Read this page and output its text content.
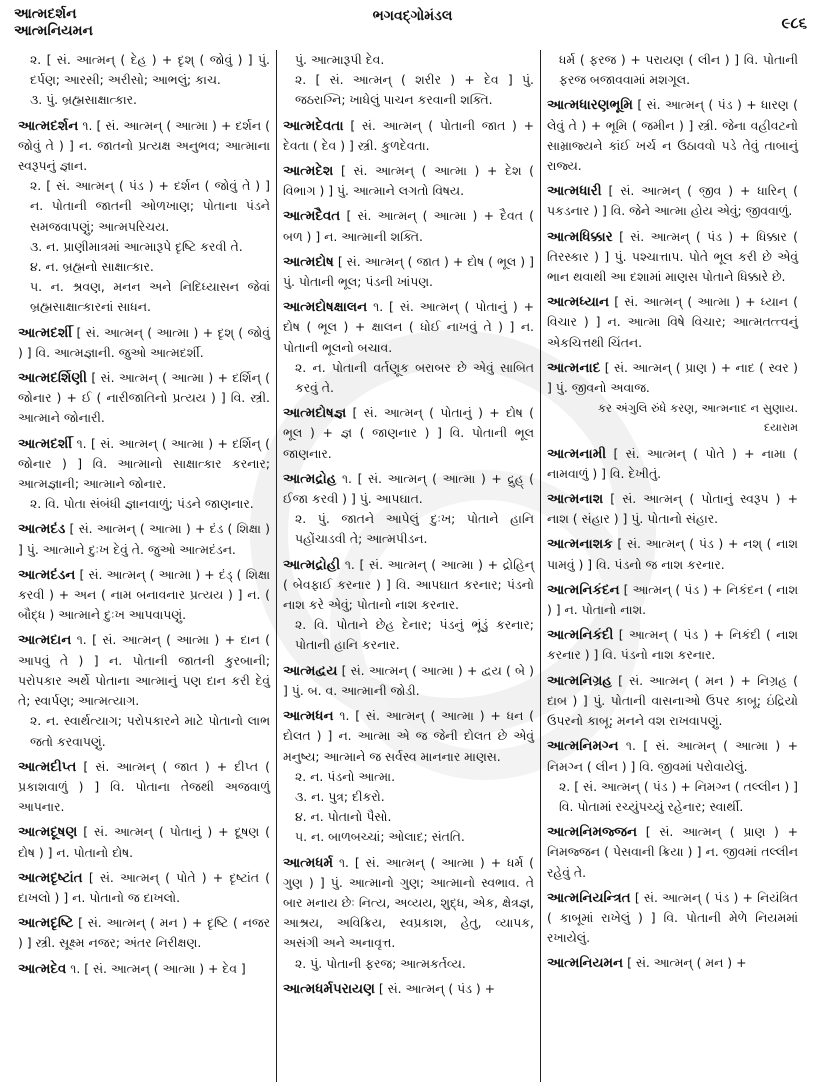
આત્મદર્શન
આત્મનિયમન
ભગવદ્ગોમંડલ	૯૮૬
૨. [ સં. આત્મન્ ( દેહ ) + દૃશ્ ( જોવું ) ] પું. દર્પણ; આરસી; અરીસો; આભલું; કાચ.
૩. પું. બ્રહ્મસાક્ષાત્કાર.
આત્મદર્શન ૧. [ સં. આત્મન્ ( આત્મા ) + દર્શન ( જોવું તે ) ] ન. જાતનો પ્રત્યક્ષ અનુભવ; આત્માના સ્વરૂપનું જ્ઞાન.
૨. [ સં. આત્મન્ ( પંડ ) + દર્શન ( જોવું તે ) ] ન. પોતાની જાતની ઓળખાણ; પોતાના પંડને સમજવાપણું; આત્મપરિચય.
૩. ન. પ્રાણીમાત્રમાં આત્મારૂપે દૃષ્ટિ કરવી તે.
૪. ન. બ્રહ્મનો સાક્ષાત્કાર.
૫. ન. શ્રવણ, મનન અને નિદિધ્યાસન જેવાં બ્રહ્મસાક્ષાત્કારનાં સાધન.
આત્મદર્શી [ સં. આત્મન્ ( આત્મા ) + દૃશ્ ( જોવું ) ] વિ. આત્મજ્ઞાની. જુઓ આત્મદર્શી.
આત્મદર્શિણી [ સં. આત્મન્ ( આત્મા ) + દર્શિન્ ( જોનાર ) + ઈ ( નારીજાતિનો પ્રત્યય ) ] વિ. સ્ત્રી. આત્માને જોનારી.
આત્મદર્શી ૧. [ સં. આત્મન્ ( આત્મા ) + દર્શિન્ ( જોનાર ) ] વિ. આત્માનો સાક્ષાત્કાર કરનાર; આત્મજ્ઞાની; આત્માને જોનાર.
૨. વિ. પોતા સંબંધી જ્ઞાનવાળું; પંડને જાણનાર.
આત્મદંડ [ સં. આત્મન્ ( આત્મા ) + દંડ ( શિક્ષા ) ] પું. આત્માને દુઃખ દેવું તે. જુઓ આત્મદંડન.
આત્મદંડન [ સં. આત્મન્ ( આત્મા ) + દંડ્ ( શિક્ષા કરવી ) + અન ( નામ બનાવનાર પ્રત્યય ) ] ન. ( બૌદ્ધ ) આત્માને દુઃખ આપવાપણું.
આત્મદાન ૧. [ સં. આત્મન્ ( આત્મા ) + દાન ( આપવું તે ) ] ન. પોતાની જાતની કુરબાની; પરોપકાર અર્થે પોતાના આત્માનું પણ દાન કરી દેવું તે; સ્વાર્પણ; આત્મત્યાગ.
૨. ન. સ્વાર્થત્યાગ; પરોપકારને માટે પોતાનો લાભ જતો કરવાપણું.
આત્મદીપ્ત [ સં. આત્મન્ ( જાત ) + દીપ્ત ( પ્રકાશવાળું ) ] વિ. પોતાના તેજથી અજવાળું આપનાર.
આત્મદૂષણ [ સં. આત્મન્ ( પોતાનું ) + દૂષણ ( દોષ ) ] ન. પોતાનો દોષ.
આત્મદૃષ્ટાંત [ સં. આત્મન્ ( પોતે ) + દૃષ્ટાંત ( દાખલો ) ] ન. પોતાનો જ દાખલો.
આત્મદૃષ્ટિ [ સં. આત્મન્ ( મન ) + દૃષ્ટિ ( નજર ) ] સ્ત્રી. સૂક્ષ્મ નજર; અંતર નિરીક્ષણ.
આત્મદેવ ૧. [ સં. આત્મન્ ( આત્મા ) + દેવ ]
પું. આત્મારૂપી દેવ.
૨. [ સં. આત્મન્ ( શરીર ) + દેવ ] પું. જઠરાગ્નિ; ખાધેલું પાચન કરવાની શક્તિ.
આત્મદેવતા [ સં. આત્મન્ ( પોતાની જાત ) + દેવતા ( દેવ ) ] સ્ત્રી. કુળદેવતા.
આત્મદેશ [ સં. આત્મન્ ( આત્મા ) + દેશ ( વિભાગ ) ] પું. આત્માને લગતો વિષય.
આત્મદૈવત [ સં. આત્મન્ ( આત્મા ) + દૈવત ( બળ ) ] ન. આત્માની શક્તિ.
આત્મદોષ [ સં. આત્મન્ ( જાત ) + દોષ ( ભૂલ ) ] પું. પોતાની ભૂલ; પંડની ખાંપણ.
આત્મદોષક્ષાલન ૧. [ સં. આત્મન્ ( પોતાનું ) + દોષ ( ભૂલ ) + ક્ષાલન ( ધોઈ નાખવું તે ) ] ન. પોતાની ભૂલનો બચાવ.
૨. ન. પોતાની વર્તણૂક બરાબર છે એવું સાબિત કરવું તે.
આત્મદોષજ્ઞ [ સં. આત્મન્ ( પોતાનું ) + દોષ ( ભૂલ ) + જ્ઞ ( જાણનાર ) ] વિ. પોતાની ભૂલ જાણનાર.
આત્મદ્રોહ ૧. [ સં. આત્મન્ ( આત્મા ) + દ્રુહ્ ( ઈજા કરવી ) ] પું. આપઘાત.
૨. પું. જાતને આપેલું દુઃખ; પોતાને હાનિ પહોંચાડવી તે; આત્મપીડન.
આત્મદ્રોહી ૧. [ સં. આત્મન્ ( આત્મા ) + દ્રોહિન્ ( બેવફાઈ કરનાર ) ] વિ. આપઘાત કરનાર; પંડનો નાશ કરે એવું; પોતાનો નાશ કરનાર.
૨. વિ. પોતાને છેહ દેનાર; પંડનું ભૂંડું કરનાર; પોતાની હાનિ કરનાર.
આત્મદ્વય [ સં. આત્મન્ ( આત્મા ) + દ્વય ( બે ) ] પું. બ. વ. આત્માની જોડી.
આત્મધન ૧. [ સં. આત્મન્ ( આત્મા ) + ધન ( દોલત ) ] ન. આત્મા એ જ જેની દોલત છે એવું મનુષ્ય; આત્માને જ સર્વસ્વ માનનાર માણસ.
૨. ન. પંડનો આત્મા.
૩. ન. પુત્ર; દીકરો.
૪. ન. પોતાનો પૈસો.
૫. ન. બાળબચ્ચાં; ઓલાદ; સંતતિ.
આત્મધર્મ ૧. [ સં. આત્મન્ ( આત્મા ) + ધર્મ ( ગુણ ) ] પું. આત્માનો ગુણ; આત્માનો સ્વભાવ. તે બાર મનાય છેઃ નિત્ય, અવ્યય, શુદ્ધ, એક, ક્ષેત્રજ્ઞ, આશ્રય, અવિક્રિય, સ્વપ્રકાશ, હેતુ, વ્યાપક, અસંગી અને અનાવૃત્ત.
૨. પું. પોતાની ફરજ; આત્મકર્તવ્ય.
આત્મધર્મપરાયણ [ સં. આત્મન્ ( પંડ ) +
ધર્મ ( ફરજ ) + પરાયણ ( લીન ) ] વિ. પોતાની ફરજ બજાવવામાં મશગૂલ.
આત્મધારણભૂમિ [ સં. આત્મન્ ( પંડ ) + ધારણ ( લેવું તે ) + ભૂમિ ( જમીન ) ] સ્ત્રી. જેના વહીવટનો સામ્રાજ્યને કાંઈ ખર્ચ ન ઉઠાવવો પડે તેવું તાબાનું રાજ્ય.
આત્મધારી [ સં. આત્મન્ ( જીવ ) + ધારિન્ ( પકડનાર ) ] વિ. જેને આત્મા હોય એવું; જીવવાળું.
આત્મધિક્કાર [ સં. આત્મન્ ( પંડ ) + ધિક્કાર ( તિરસ્કાર ) ] પું. પશ્ચાત્તાપ. પોતે ભૂલ કરી છે એવું ભાન થવાથી આ દશામાં માણસ પોતાને ધિક્કારે છે.
આત્મધ્યાન [ સં. આત્મન્ ( આત્મા ) + ધ્યાન ( વિચાર ) ] ન. આત્મા વિષે વિચાર; આત્મતત્ત્વનું એકચિત્તથી ચિંતન.
આત્મનાદ [ સં. આત્મન્ ( પ્રાણ ) + નાદ ( સ્વર ) ] પું. જીવનો અવાજ.
કર અંગુલિ રુંધે કરણ, આત્મનાદ ન સુણાય.
દયારામ
આત્મનામી [ સં. આત્મન્ ( પોતે ) + નામા ( નામવાળું ) ] વિ. દેખીતું.
આત્મનાશ [ સં. આત્મન્ ( પોતાનું સ્વરૂપ ) + નાશ ( સંહાર ) ] પું. પોતાનો સંહાર.
આત્મનાશક [ સં. આત્મન્ ( પંડ ) + નશ્ ( નાશ પામવું ) ] વિ. પંડનો જ નાશ કરનાર.
આત્મનિકંદન [ આત્મન્ ( પંડ ) + નિકંદન ( નાશ ) ] ન. પોતાનો નાશ.
આત્મનિકંદી [ આત્મન્ ( પંડ ) + નિકંદી ( નાશ કરનાર ) ] વિ. પંડનો નાશ કરનાર.
આત્મનિગ્રહ [ સં. આત્મન્ ( મન ) + નિગ્રહ ( દાબ ) ] પું. પોતાની વાસનાઓ ઉપર કાબૂ; ઇંદ્રિયો ઉપરનો કાબૂ; મનને વશ રાખવાપણું.
આત્મનિમગ્ન ૧. [ સં. આત્મન્ ( આત્મા ) + નિમગ્ન ( લીન ) ] વિ. જીવમાં પરોવાયેલું.
૨. [ સં. આત્મન્ ( પંડ ) + નિમગ્ન ( તલ્લીન ) ] વિ. પોતામાં રચ્યુંપચ્યું રહેનાર; સ્વાર્થી.
આત્મનિમજ્જન [ સં. આત્મન્ ( પ્રાણ ) + નિમજ્જન ( પેસવાની ક્રિયા ) ] ન. જીવમાં તલ્લીન રહેવું તે.
આત્મનિયન્ત્રિત [ સં. આત્મન્ ( પંડ ) + નિયંત્રિત ( કાબૂમાં રાખેલું ) ] વિ. પોતાની મેળે નિયમમાં રખાયેલું.
આત્મનિયમન [ સં. આત્મન્ ( મન ) +
